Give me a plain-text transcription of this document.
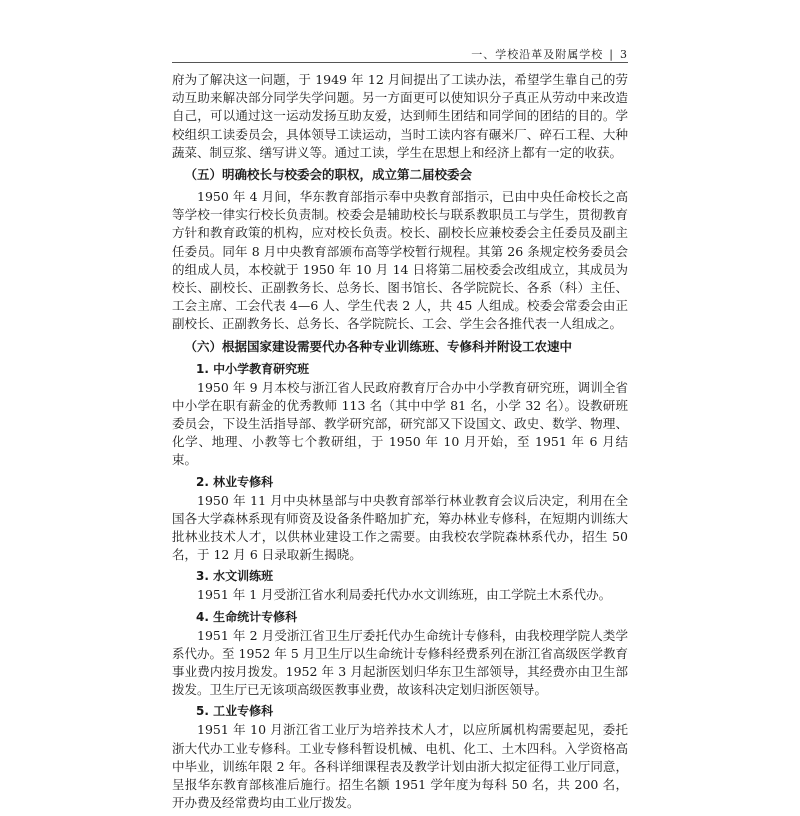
一、学校沿革及附属学校 | 3

府为了解决这一问题，于 1949 年 12 月间提出了工读办法，希望学生靠自己的劳动互助来解决部分同学失学问题。另一方面更可以使知识分子真正从劳动中来改造自己，可以通过这一运动发扬互助友爱，达到师生团结和同学间的团结的目的。学校组织工读委员会，具体领导工读运动，当时工读内容有碾米厂、碎石工程、大种蔬菜、制豆浆、缮写讲义等。通过工读，学生在思想上和经济上都有一定的收获。

（五）明确校长与校委会的职权，成立第二届校委会

1950 年 4 月间，华东教育部指示奉中央教育部指示，已由中央任命校长之高等学校一律实行校长负责制。校委会是辅助校长与联系教职员工与学生，贯彻教育方针和教育政策的机构，应对校长负责。校长、副校长应兼校委会主任委员及副主任委员。同年 8 月中央教育部颁布高等学校暂行规程。其第 26 条规定校务委员会的组成人员，本校就于 1950 年 10 月 14 日将第二届校委会改组成立，其成员为校长、副校长、正副教务长、总务长、图书馆长、各学院院长、各系（科）主任、工会主席、工会代表 4—6 人、学生代表 2 人，共 45 人组成。校委会常委会由正副校长、正副教务长、总务长、各学院院长、工会、学生会各推代表一人组成之。

（六）根据国家建设需要代办各种专业训练班、专修科并附设工农速中
1. 中小学教育研究班

1950 年 9 月本校与浙江省人民政府教育厅合办中小学教育研究班，调训全省中小学在职有薪金的优秀教师 113 名（其中中学 81 名，小学 32 名）。设教研班委员会，下设生活指导部、教学研究部，研究部又下设国文、政史、数学、物理、化学、地理、小教等七个教研组，于 1950 年 10 月开始，至 1951 年 6 月结束。

2. 林业专修科

1950 年 11 月中央林垦部与中央教育部举行林业教育会议后决定，利用在全国各大学森林系现有师资及设备条件略加扩充，筹办林业专修科，在短期内训练大批林业技术人才，以供林业建设工作之需要。由我校农学院森林系代办，招生 50 名，于 12 月 6 日录取新生揭晓。

3. 水文训练班

1951 年 1 月受浙江省水利局委托代办水文训练班，由工学院土木系代办。

4. 生命统计专修科

1951 年 2 月受浙江省卫生厅委托代办生命统计专修科，由我校理学院人类学系代办。至 1952 年 5 月卫生厅以生命统计专修科经费系列在浙江省高级医学教育事业费内按月拨发。1952 年 3 月起浙医划归华东卫生部领导，其经费亦由卫生部拨发。卫生厅已无该项高级医教事业费，故该科决定划归浙医领导。

5. 工业专修科

1951 年 10 月浙江省工业厅为培养技术人才，以应所属机构需要起见，委托浙大代办工业专修科。工业专修科暂设机械、电机、化工、土木四科。入学资格高中毕业，训练年限 2 年。各科详细课程表及教学计划由浙大拟定征得工业厅同意，呈报华东教育部核准后施行。招生名额 1951 学年度为每科 50 名，共 200 名，开办费及经常费均由工业厅拨发。
